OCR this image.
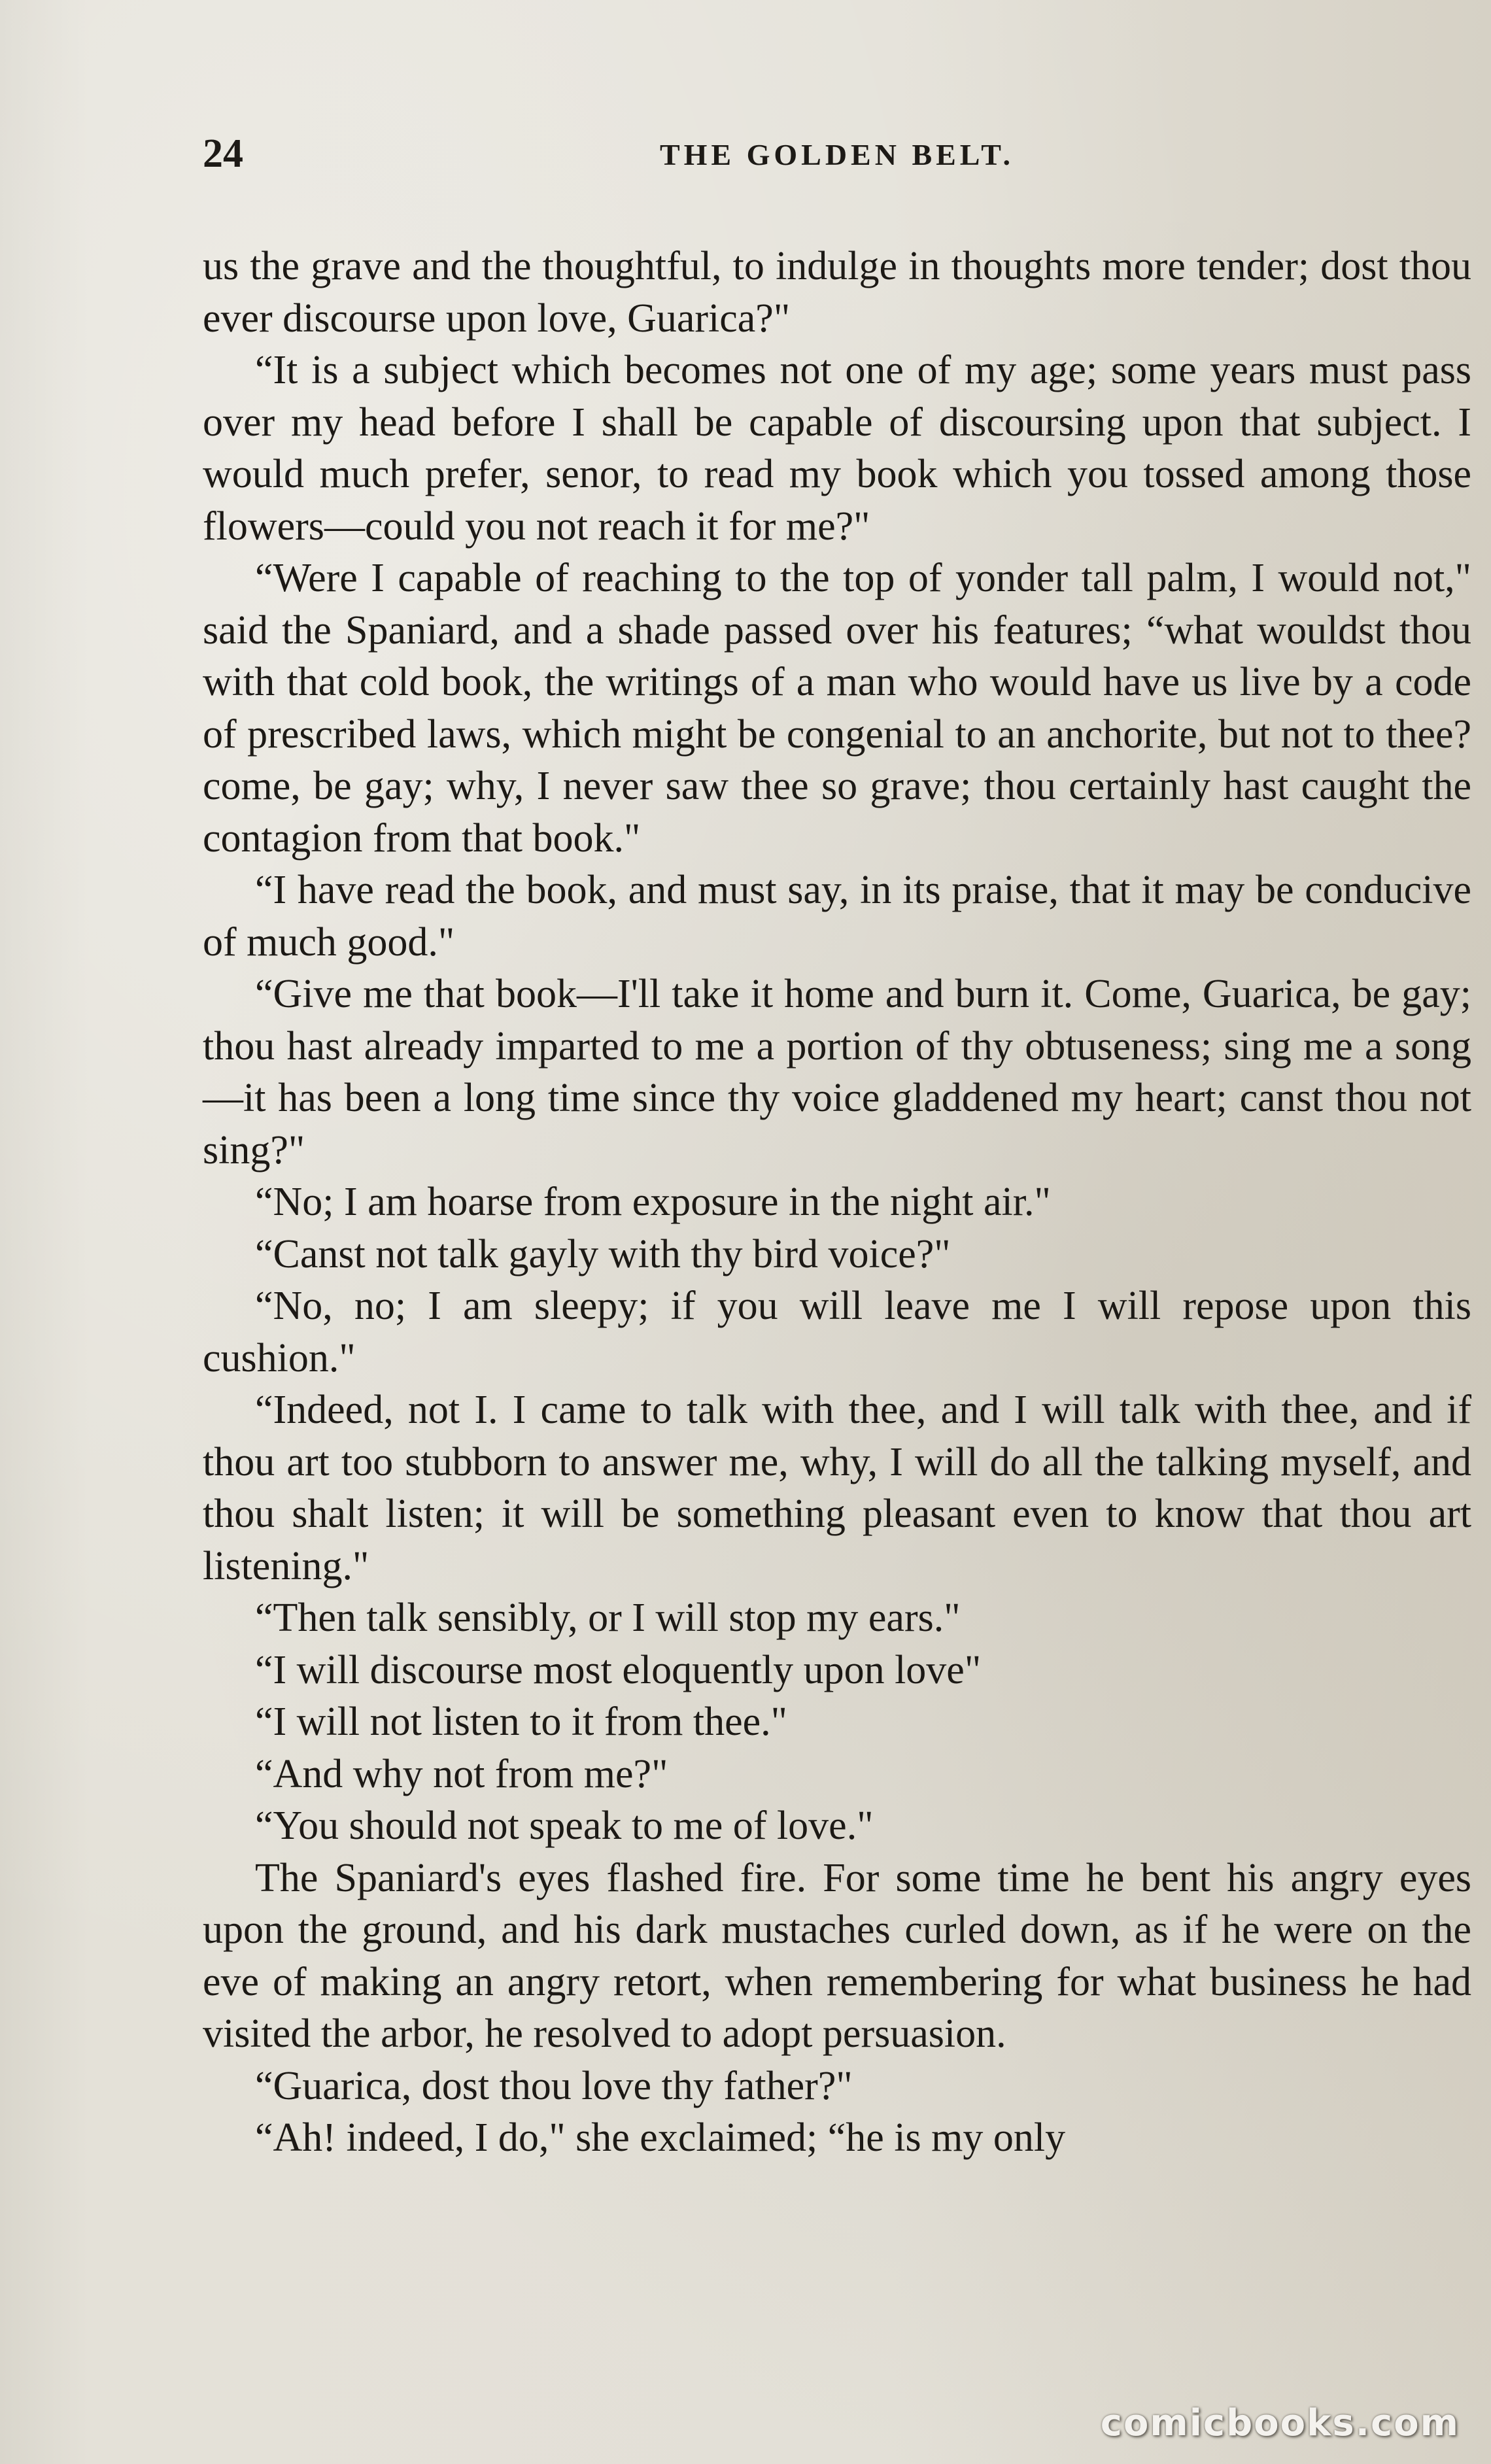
24	THE GOLDEN BELT.

us the grave and the thoughtful, to indulge in thoughts more tender; dost thou ever discourse upon love, Guarica?"

“It is a subject which becomes not one of my age; some years must pass over my head before I shall be capable of discoursing upon that subject. I would much prefer, senor, to read my book which you tossed among those flowers—could you not reach it for me?"

“Were I capable of reaching to the top of yonder tall palm, I would not," said the Spaniard, and a shade passed over his features; “what wouldst thou with that cold book, the writings of a man who would have us live by a code of prescribed laws, which might be congenial to an anchorite, but not to thee? come, be gay; why, I never saw thee so grave; thou certainly hast caught the contagion from that book."

“I have read the book, and must say, in its praise, that it may be conducive of much good."

“Give me that book—I'll take it home and burn it. Come, Guarica, be gay; thou hast already imparted to me a portion of thy obtuseness; sing me a song—it has been a long time since thy voice gladdened my heart; canst thou not sing?"

“No; I am hoarse from exposure in the night air."

“Canst not talk gayly with thy bird voice?"

“No, no; I am sleepy; if you will leave me I will repose upon this cushion."

“Indeed, not I. I came to talk with thee, and I will talk with thee, and if thou art too stubborn to answer me, why, I will do all the talking myself, and thou shalt listen; it will be something pleasant even to know that thou art listening."

“Then talk sensibly, or I will stop my ears."

“I will discourse most eloquently upon love"

“I will not listen to it from thee."

“And why not from me?"

“You should not speak to me of love."

The Spaniard's eyes flashed fire. For some time he bent his angry eyes upon the ground, and his dark mustaches curled down, as if he were on the eve of making an angry retort, when remembering for what business he had visited the arbor, he resolved to adopt persuasion.

“Guarica, dost thou love thy father?"

“Ah! indeed, I do," she exclaimed; “he is my only

comicbooks.com
